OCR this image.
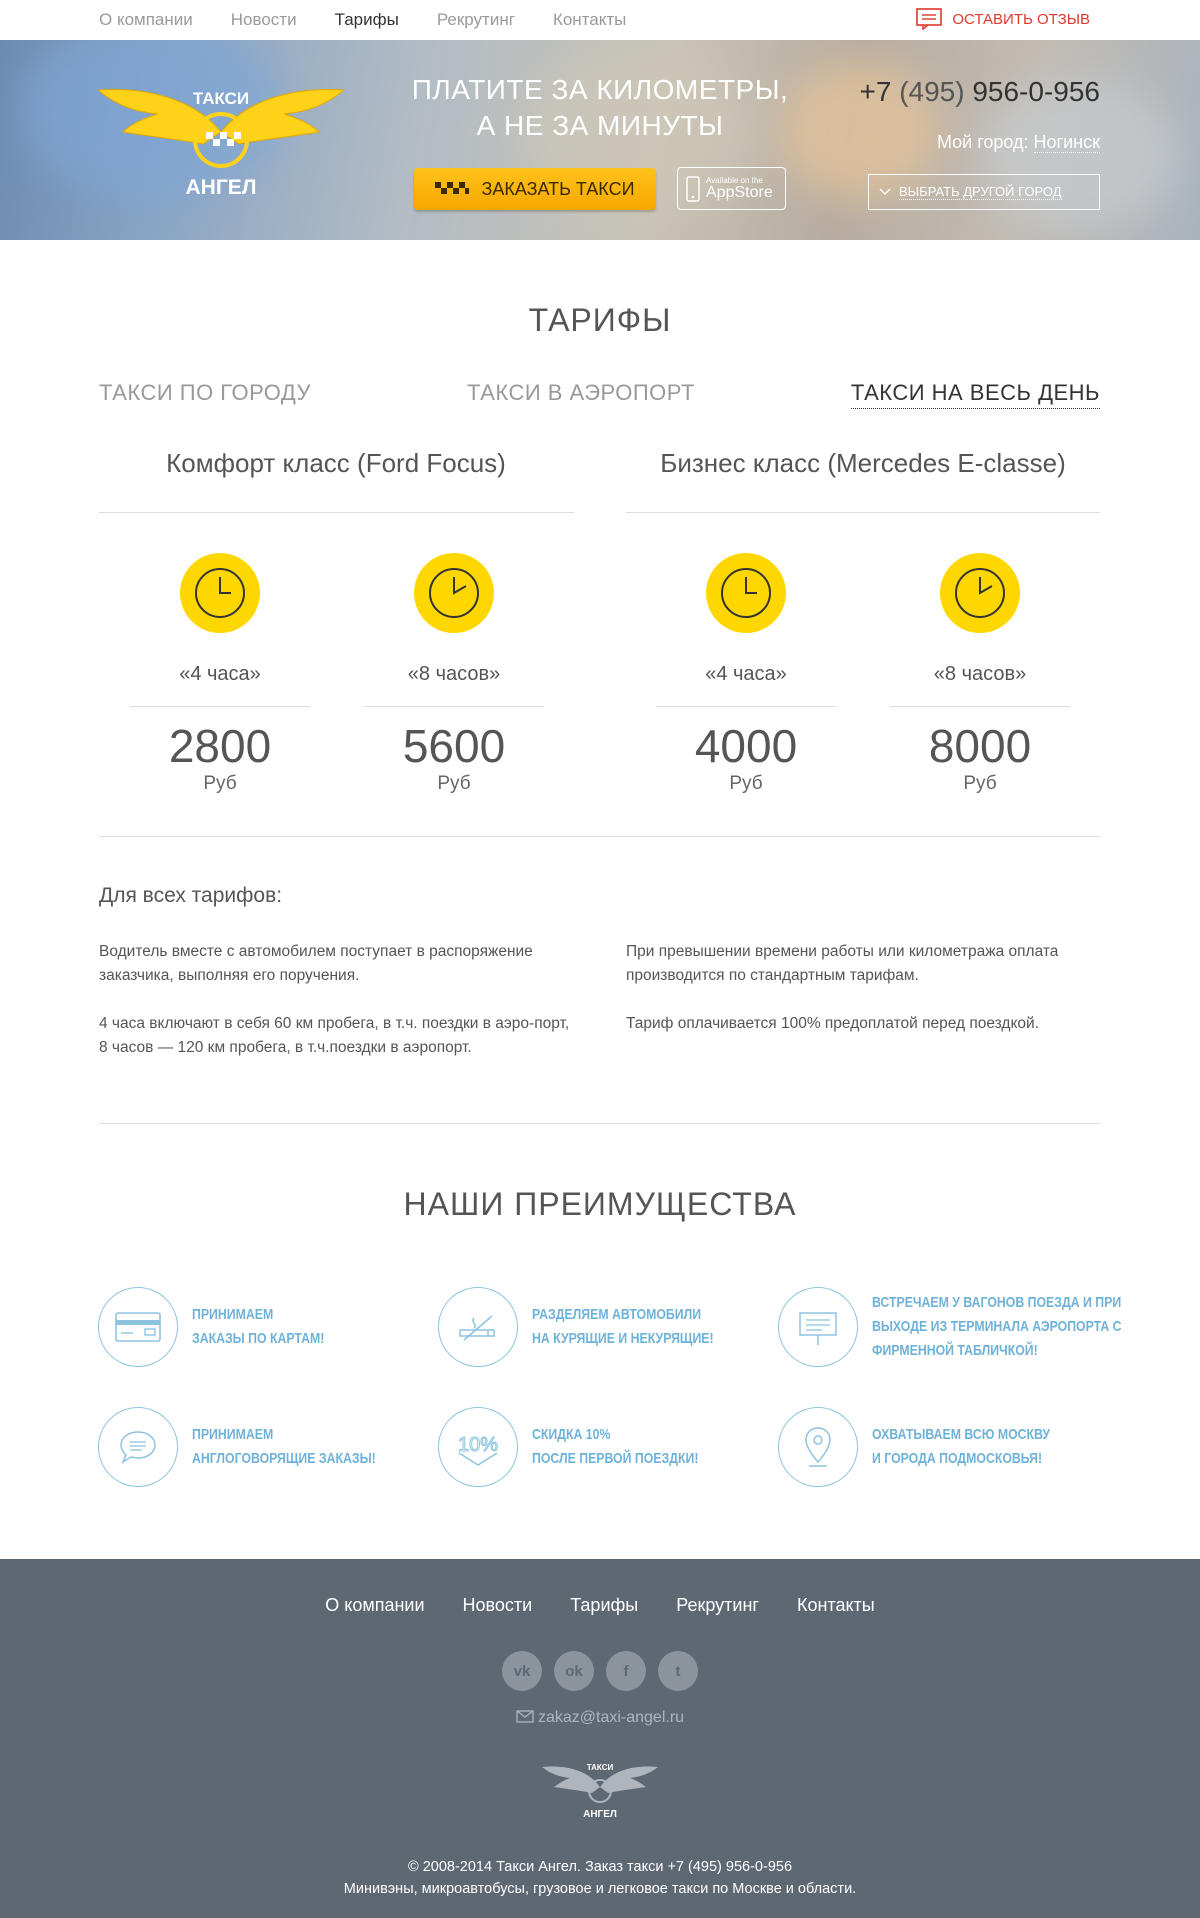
О компании Новости Тарифы Рекрутинг Контакты	ОСТАВИТЬ ОТЗЫВ
ТАКСИ
АНГЕЛ
ПЛАТИТЕ ЗА КИЛОМЕТРЫ,
А НЕ ЗА МИНУТЫ
ЗАКАЗАТЬ ТАКСИ	Available on the
AppStore
+7 (495) 956-0-956
Мой город: Ногинск
ВЫБРАТЬ ДРУГОЙ ГОРОД
ТАРИФЫ
ТАКСИ ПО ГОРОДУ	ТАКСИ В АЭРОПОРТ	ТАКСИ НА ВЕСЬ ДЕНЬ
Комфорт класс (Ford Focus)	Бизнес класс (Mercedes E-classe)
«4 часа»
2800
Руб
«8 часов»
5600
Руб
«4 часа»
4000
Руб
«8 часов»
8000
Руб
Для всех тарифов:
Водитель вместе с автомобилем поступает в распоряжение заказчика, выполняя его поручения.
4 часа включают в себя 60 км пробега, в т.ч. поездки в аэро-порт, 8 часов — 120 км пробега, в т.ч.поездки в аэропорт.
При превышении времени работы или километража оплата производится по стандартным тарифам.
Тариф оплачивается 100% предоплатой перед поездкой.
НАШИ ПРЕИМУЩЕСТВА
ПРИНИМАЕМ
ЗАКАЗЫ ПО КАРТАМ!
РАЗДЕЛЯЕМ АВТОМОБИЛИ
НА КУРЯЩИЕ И НЕКУРЯЩИЕ!
ВСТРЕЧАЕМ У ВАГОНОВ ПОЕЗДА И ПРИ
ВЫХОДЕ ИЗ ТЕРМИНАЛА АЭРОПОРТА С
ФИРМЕННОЙ ТАБЛИЧКОЙ!
ПРИНИМАЕМ
АНГЛОГОВОРЯЩИЕ ЗАКАЗЫ!
10% СКИДКА 10%
ПОСЛЕ ПЕРВОЙ ПОЕЗДКИ!
ОХВАТЫВАЕМ ВСЮ МОСКВУ
И ГОРОДА ПОДМОСКОВЬЯ!
О компании Новости Тарифы Рекрутинг Контакты
vk	ok	f	t
zakaz@taxi-angel.ru
ТАКСИ
АНГЕЛ
© 2008-2014 Такси Ангел. Заказ такси +7 (495) 956-0-956
Минивэны, микроавтобусы, грузовое и легковое такси по Москве и области.
